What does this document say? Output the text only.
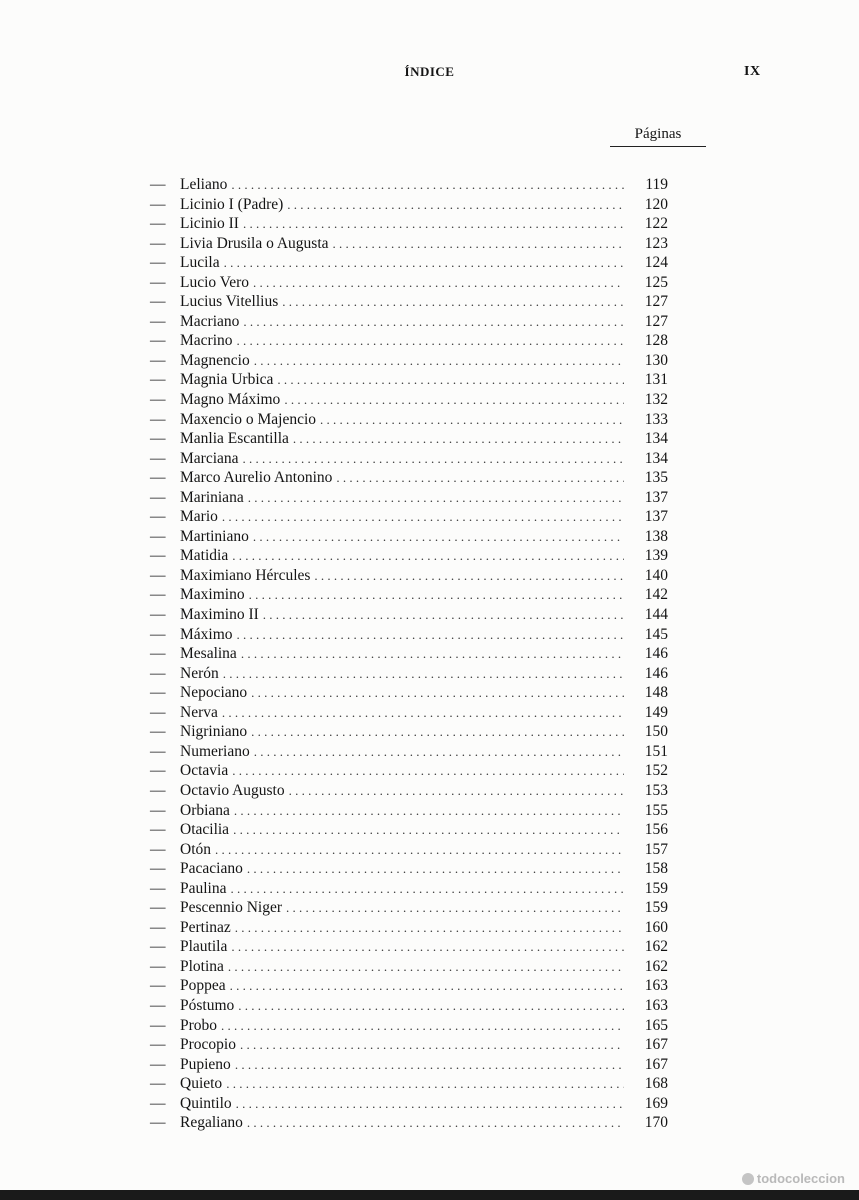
ÍNDICE	IX
Páginas
— Leliano . . .	119
— Licinio I (Padre) . . .	120
— Licinio II . . .	122
— Livia Drusila o Augusta . . .	123
— Lucila . . .	124
— Lucio Vero . . .	125
— Lucius Vitellius . . .	127
— Macriano . . .	127
— Macrino . . .	128
— Magnencio . . .	130
— Magnia Urbica . . .	131
— Magno Máximo . . .	132
— Maxencio o Majencio . . .	133
— Manlia Escantilla . . .	134
— Marciana . . .	134
— Marco Aurelio Antonino . . .	135
— Mariniana . . .	137
— Mario . . .	137
— Martiniano . . .	138
— Matidia . . .	139
— Maximiano Hércules . . .	140
— Maximino . . .	142
— Maximino II . . .	144
— Máximo . . .	145
— Mesalina . . .	146
— Nerón . . .	146
— Nepociano . . .	148
— Nerva . . .	149
— Nigriniano . . .	150
— Numeriano . . .	151
— Octavia . . .	152
— Octavio Augusto . . .	153
— Orbiana . . .	155
— Otacilia . . .	156
— Otón . . .	157
— Pacaciano . . .	158
— Paulina . . .	159
— Pescennio Niger . . .	159
— Pertinaz . . .	160
— Plautila . . .	162
— Plotina . . .	162
— Poppea . . .	163
— Póstumo . . .	163
— Probo . . .	165
— Procopio . . .	167
— Pupieno . . .	167
— Quieto . . .	168
— Quintilo . . .	169
— Regaliano . . .	170
todocoleccion
